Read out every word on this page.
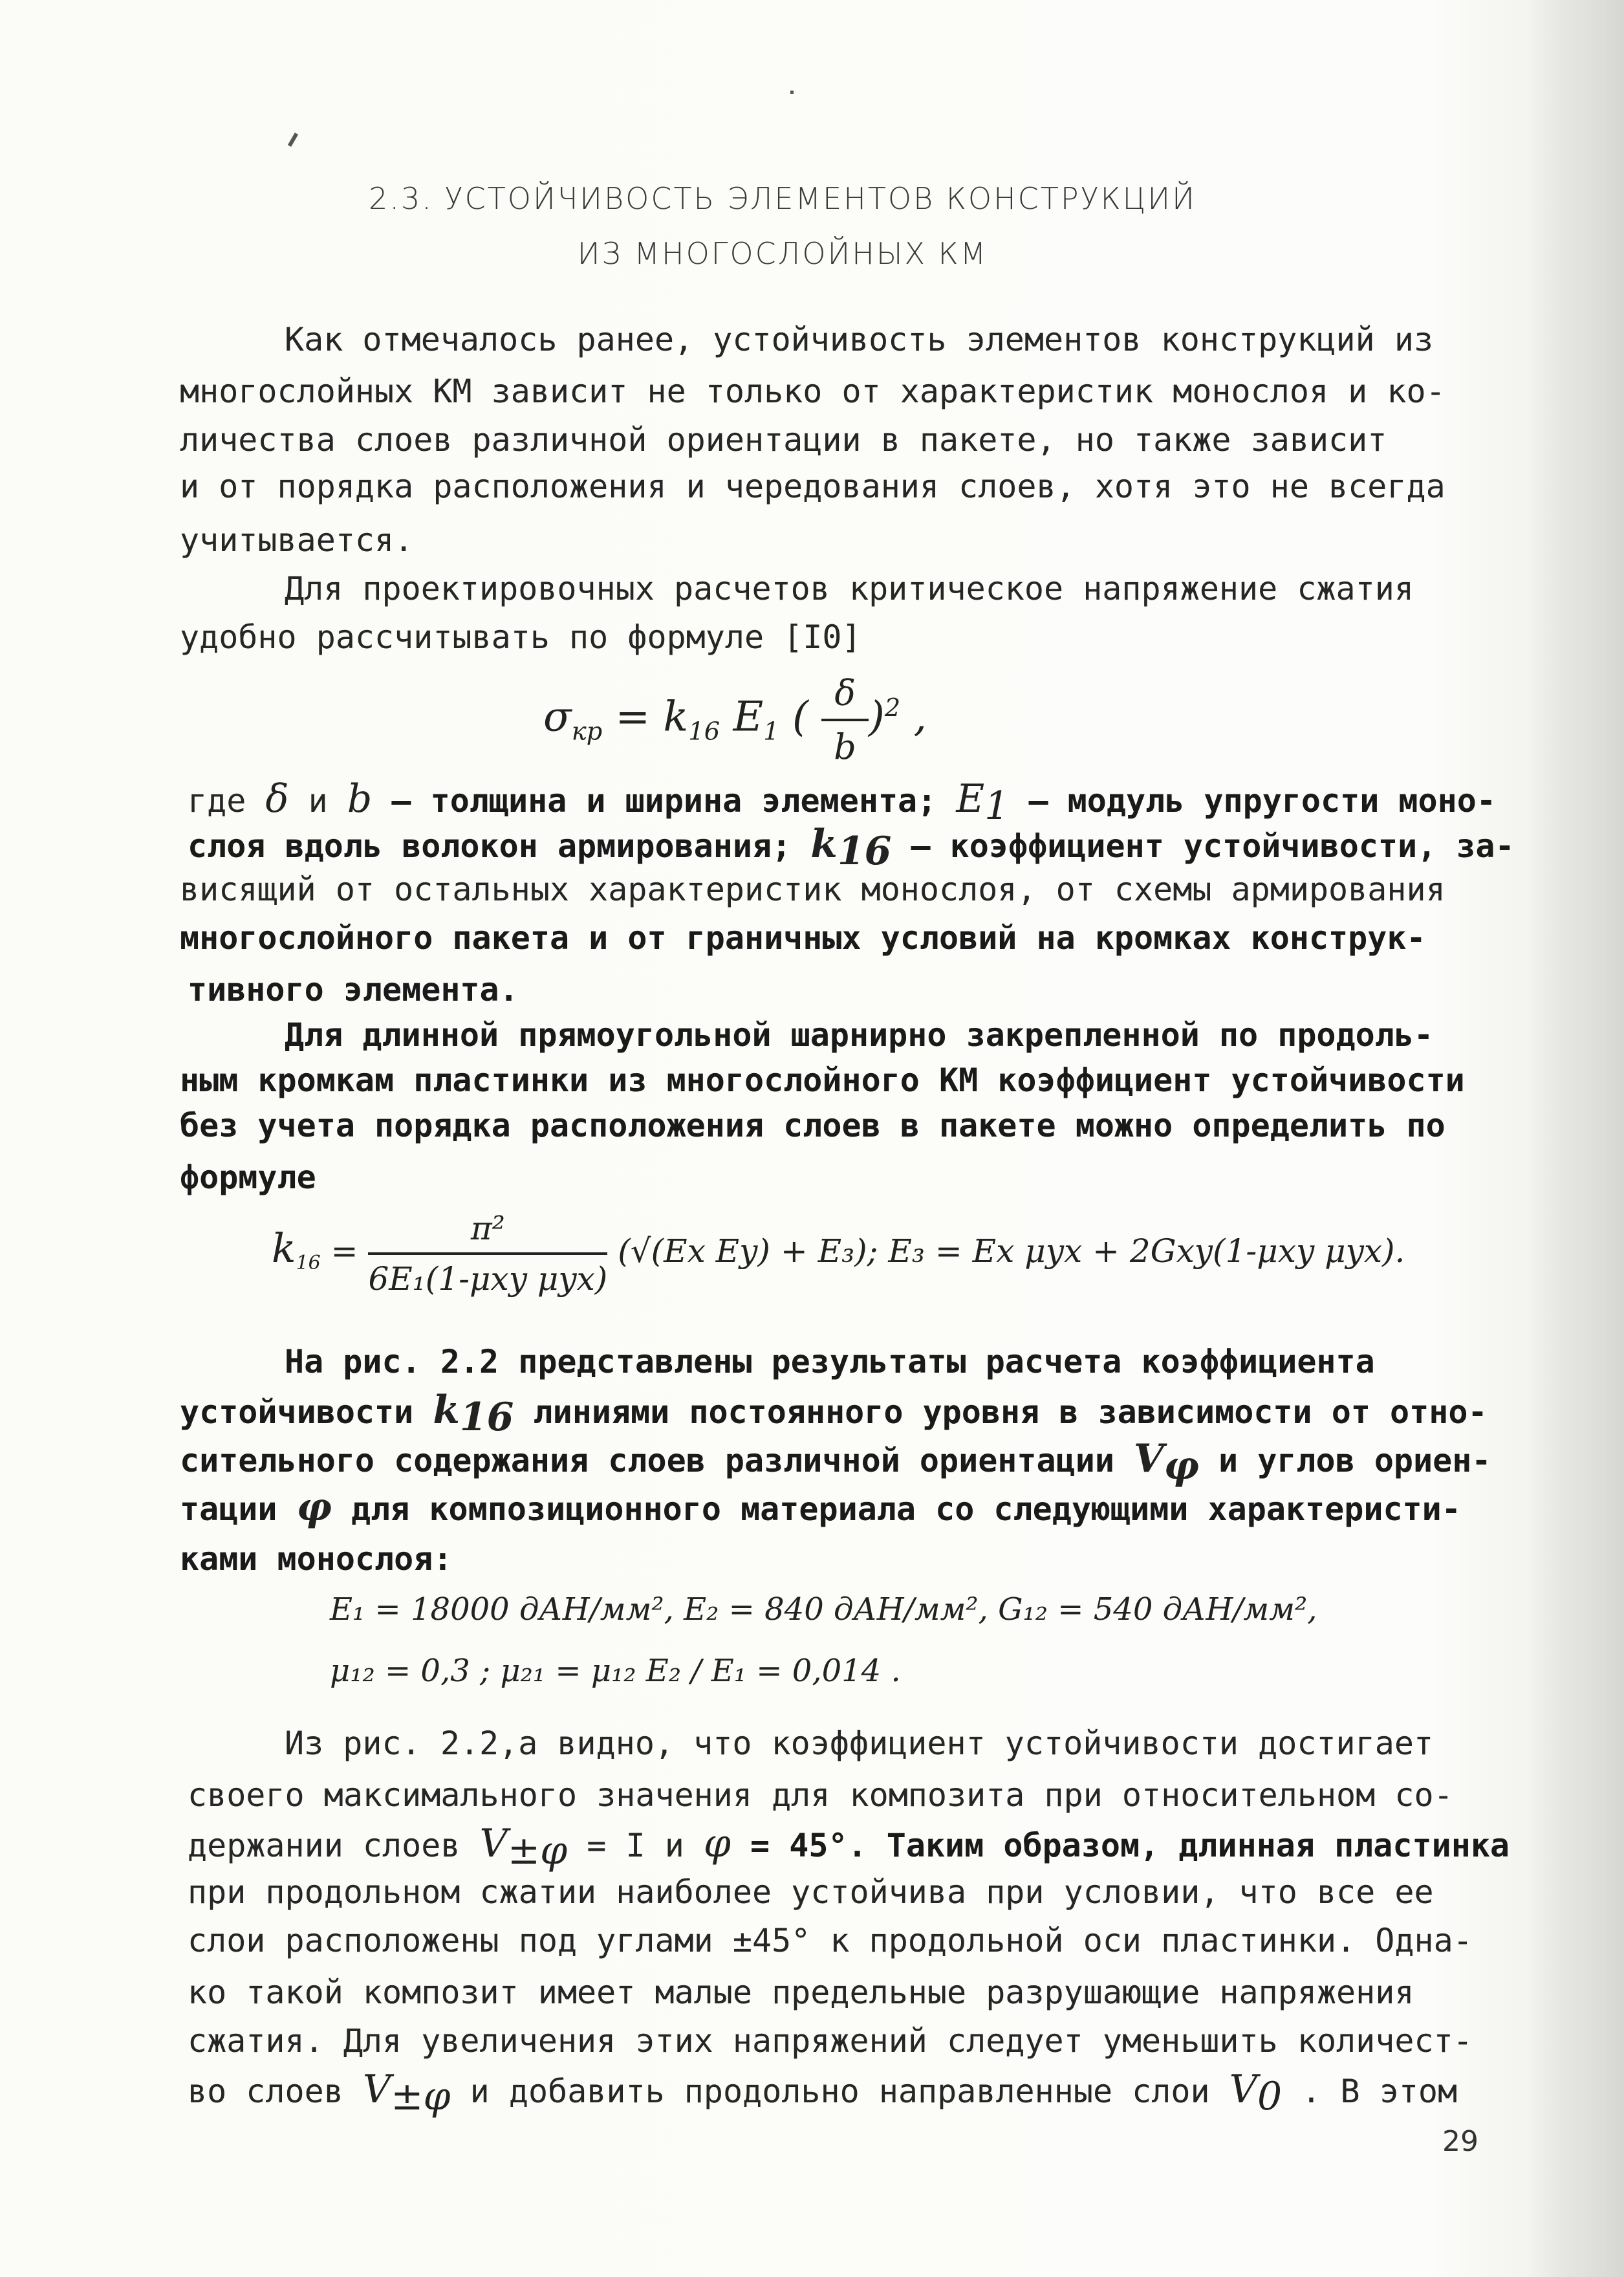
2.3. УСТОЙЧИВОСТЬ ЭЛЕМЕНТОВ КОНСТРУКЦИЙ
ИЗ МНОГОСЛОЙНЫХ КМ
Как отмечалось ранее, устойчивость элементов конструкций из
многослойных КМ зависит не только от характеристик монослоя и ко-
личества слоев различной ориентации в пакете, но также зависит
и от порядка расположения и чередования слоев, хотя это не всегда
учитывается.
Для проектировочных расчетов критическое напряжение сжатия
удобно рассчитывать по формуле [I0]
$\sigma_{кр} = k_{16}$ $E_1$ ( $\frac{\delta}{b} )^2$ ,
где δ и b – толщина и ширина элемента; $E_1$ – модуль упругости моно-
слоя вдоль волокон армирования; $k_{16}$ – коэффициент устойчивости, за-
висящий от остальных характеристик монослоя, от схемы армирования
многослойного пакета и от граничных условий на кромках конструк-
тивного элемента.
Для длинной прямоугольной шарнирно закрепленной по продоль-
ным кромкам пластинки из многослойного КМ коэффициент устойчивости
без учета порядка расположения слоев в пакете можно определить по
формуле
$k_{16} = \frac{\text{π²}}{\text{6E₁(1-μxy μyx)}} (√(Ex$ Ey) + E₃); E₃ = Ex μyx + 2Gxy(1-μxy μyx).
На рис. 2.2 представлены результаты расчета коэффициента
устойчивости $k_{16}$ линиями постоянного уровня в зависимости от отно-
сительного содержания слоев различной ориентации $V_\varphi$ и углов ориен-
тации φ для композиционного материала со следующими характеристи-
ками монослоя:
E₁ = 18000 дАН/мм², E₂ = 840 дАН/мм², G₁₂ = 540 дАН/мм²,
μ₁₂ = 0,3 ; μ₂₁ = μ₁₂ E₂ / E₁ = 0,014 .
Из рис. 2.2,а видно, что коэффициент устойчивости достигает
своего максимального значения для композита при относительном со-
держании слоев $V_{\pm\varphi} = I$ и φ = 45°. Таким образом, длинная пластинка
при продольном сжатии наиболее устойчива при условии, что все ее
слои расположены под углами ±45° к продольной оси пластинки. Одна-
ко такой композит имеет малые предельные разрушающие напряжения
сжатия. Для увеличения этих напряжений следует уменьшить количест-
во слоев $V_{\pm\varphi}$ и добавить продольно направленные слои $V_0$ . В этом
29
